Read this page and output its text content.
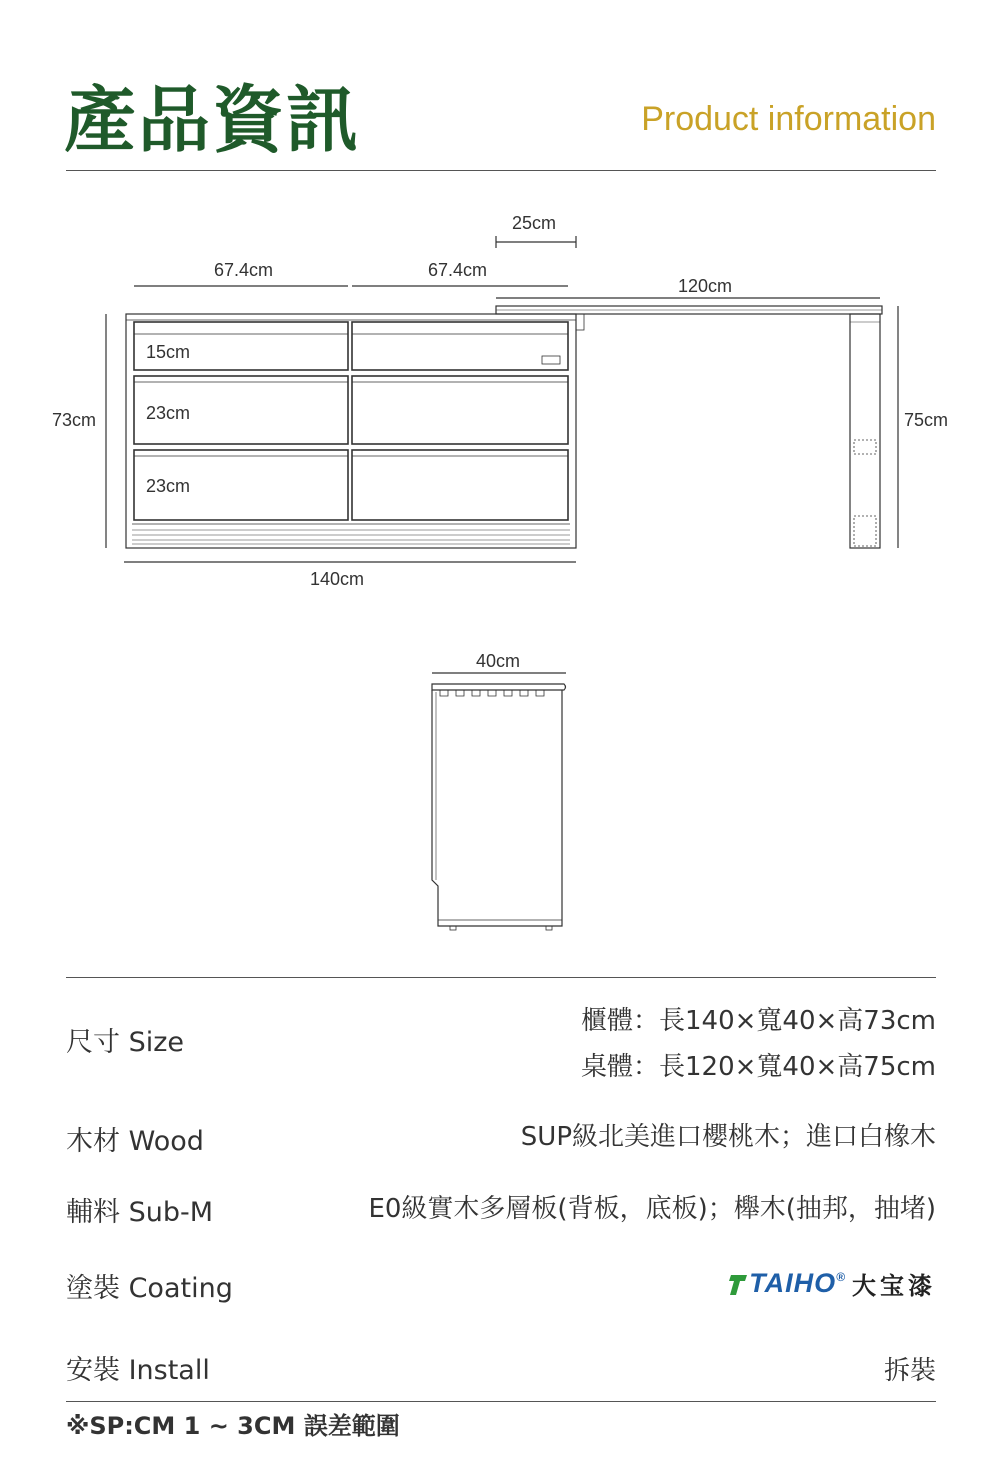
產品資訊	Product information
25cm
67.4cm	67.4cm
120cm
73cm	75cm
15cm
23cm
23cm
140cm
40cm
尺寸 Size
櫃體：長140×寬40×高73cm
桌體：長120×寬40×高75cm
木材 Wood	SUP級北美進口櫻桃木；進口白橡木
輔料 Sub-M	E0級實木多層板(背板，底板)；櫸木(抽邦，抽堵)
塗裝 Coating	TAIHO ® 大宝漆
安裝 Install	拆裝
※SP:CM 1 ~ 3CM 誤差範圍
